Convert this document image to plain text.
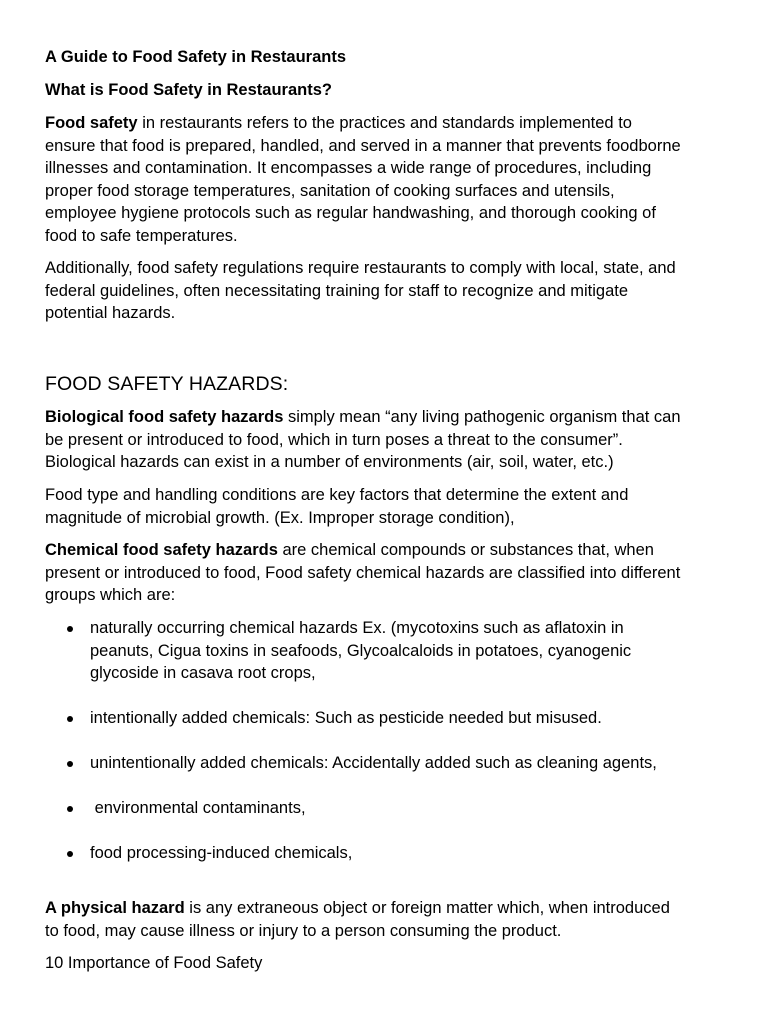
A Guide to Food Safety in Restaurants

What is Food Safety in Restaurants?

Food safety in restaurants refers to the practices and standards implemented to
ensure that food is prepared, handled, and served in a manner that prevents foodborne
illnesses and contamination. It encompasses a wide range of procedures, including
proper food storage temperatures, sanitation of cooking surfaces and utensils,
employee hygiene protocols such as regular handwashing, and thorough cooking of
food to safe temperatures.
Additionally, food safety regulations require restaurants to comply with local, state, and
federal guidelines, often necessitating training for staff to recognize and mitigate
potential hazards.
FOOD SAFETY HAZARDS:
Biological food safety hazards simply mean “any living pathogenic organism that can
be present or introduced to food, which in turn poses a threat to the consumer”.
Biological hazards can exist in a number of environments (air, soil, water, etc.)
Food type and handling conditions are key factors that determine the extent and
magnitude of microbial growth. (Ex. Improper storage condition),
Chemical food safety hazards are chemical compounds or substances that, when
present or introduced to food, Food safety chemical hazards are classified into different
groups which are:
naturally occurring chemical hazards Ex. (mycotoxins such as aflatoxin in
peanuts, Cigua toxins in seafoods, Glycoalcaloids in potatoes, cyanogenic
glycoside in casava root crops,
intentionally added chemicals: Such as pesticide needed but misused.
unintentionally added chemicals: Accidentally added such as cleaning agents,
environmental contaminants,
food processing-induced chemicals,
A physical hazard is any extraneous object or foreign matter which, when introduced
to food, may cause illness or injury to a person consuming the product.
10 Importance of Food Safety
